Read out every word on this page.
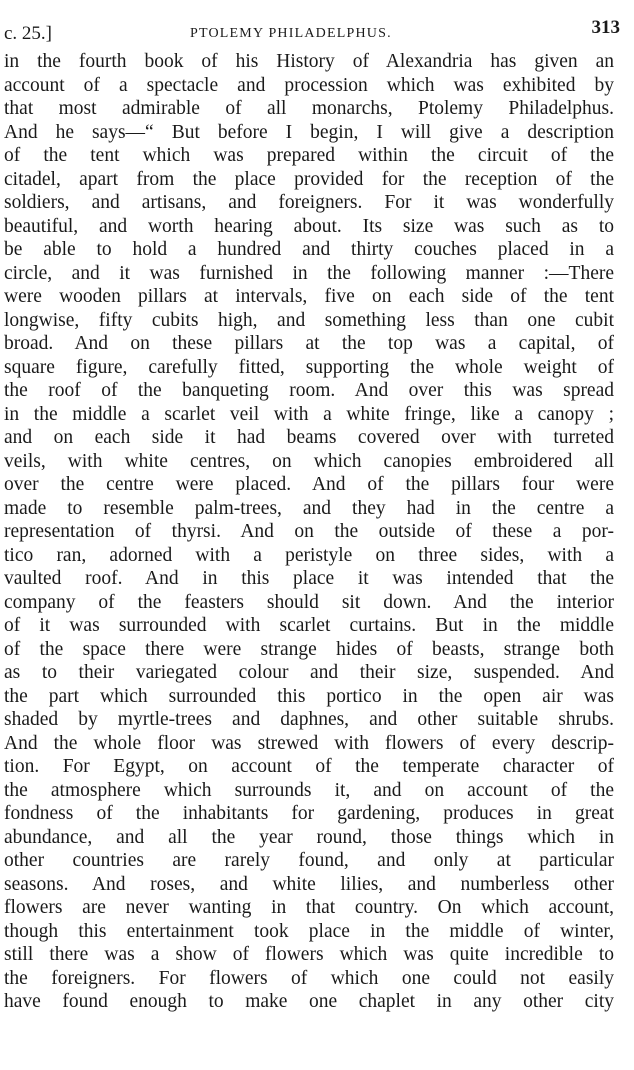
c. 25.]	PTOLEMY PHILADELPHUS.	313
in the fourth book of his History of Alexandria has given an
account of a spectacle and procession which was exhibited by
that most admirable of all monarchs, Ptolemy Philadelphus.
And he says—“ But before I begin, I will give a description
of the tent which was prepared within the circuit of the
citadel, apart from the place provided for the reception of the
soldiers, and artisans, and foreigners. For it was wonderfully
beautiful, and worth hearing about. Its size was such as to
be able to hold a hundred and thirty couches placed in a
circle, and it was furnished in the following manner :—There
were wooden pillars at intervals, five on each side of the tent
longwise, fifty cubits high, and something less than one cubit
broad. And on these pillars at the top was a capital, of
square figure, carefully fitted, supporting the whole weight of
the roof of the banqueting room. And over this was spread
in the middle a scarlet veil with a white fringe, like a canopy ;
and on each side it had beams covered over with turreted
veils, with white centres, on which canopies embroidered all
over the centre were placed. And of the pillars four were
made to resemble palm-trees, and they had in the centre a
representation of thyrsi. And on the outside of these a por-
tico ran, adorned with a peristyle on three sides, with a
vaulted roof. And in this place it was intended that the
company of the feasters should sit down. And the interior
of it was surrounded with scarlet curtains. But in the middle
of the space there were strange hides of beasts, strange both
as to their variegated colour and their size, suspended. And
the part which surrounded this portico in the open air was
shaded by myrtle-trees and daphnes, and other suitable shrubs.
And the whole floor was strewed with flowers of every descrip-
tion. For Egypt, on account of the temperate character of
the atmosphere which surrounds it, and on account of the
fondness of the inhabitants for gardening, produces in great
abundance, and all the year round, those things which in
other countries are rarely found, and only at particular
seasons. And roses, and white lilies, and numberless other
flowers are never wanting in that country. On which account,
though this entertainment took place in the middle of winter,
still there was a show of flowers which was quite incredible to
the foreigners. For flowers of which one could not easily
have found enough to make one chaplet in any other city
